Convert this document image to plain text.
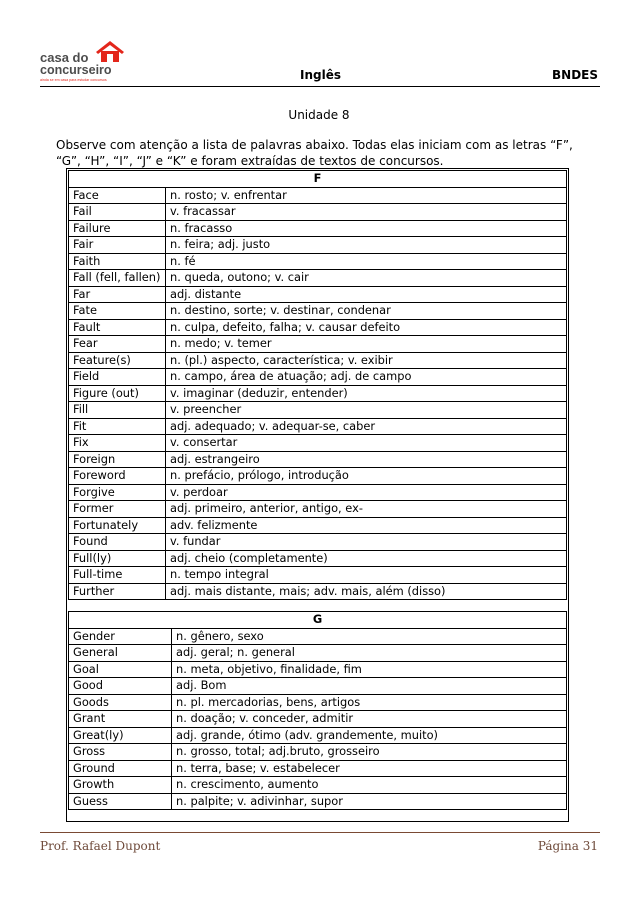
casa do
concurseiro
ainda se em casa para estudar concursos	Inglês	BNDES
Unidade 8
Observe com atenção a lista de palavras abaixo. Todas elas iniciam com as letras “F”, “G”, “H”, “I”, “J” e “K” e foram extraídas de textos de concursos.
F	
Face	n. rosto; v. enfrentar
Fail	v. fracassar
Failure	n. fracasso
Fair	n. feira; adj. justo
Faith	n. fé
Fall (fell, fallen)	n. queda, outono; v. cair
Far	adj. distante
Fate	n. destino, sorte; v. destinar, condenar
Fault	n. culpa, defeito, falha; v. causar defeito
Fear	n. medo; v. temer
Feature(s)	n. (pl.) aspecto, característica; v. exibir
Field	n. campo, área de atuação; adj. de campo
Figure (out)	v. imaginar (deduzir, entender)
Fill	v. preencher
Fit	adj. adequado; v. adequar-se, caber
Fix	v. consertar
Foreign	adj. estrangeiro
Foreword	n. prefácio, prólogo, introdução
Forgive	v. perdoar
Former	adj. primeiro, anterior, antigo, ex-
Fortunately	adv. felizmente
Found	v. fundar
Full(ly)	adj. cheio (completamente)
Full-time	n. tempo integral
Further	adj. mais distante, mais; adv. mais, além (disso)
G	
Gender	n. gênero, sexo
General	adj. geral; n. general
Goal	n. meta, objetivo, finalidade, fim
Good	adj. Bom
Goods	n. pl. mercadorias, bens, artigos
Grant	n. doação; v. conceder, admitir
Great(ly)	adj. grande, ótimo (adv. grandemente, muito)
Gross	n. grosso, total; adj.bruto, grosseiro
Ground	n. terra, base; v. estabelecer
Growth	n. crescimento, aumento
Guess	n. palpite; v. adivinhar, supor
Prof. Rafael Dupont	Página 31
